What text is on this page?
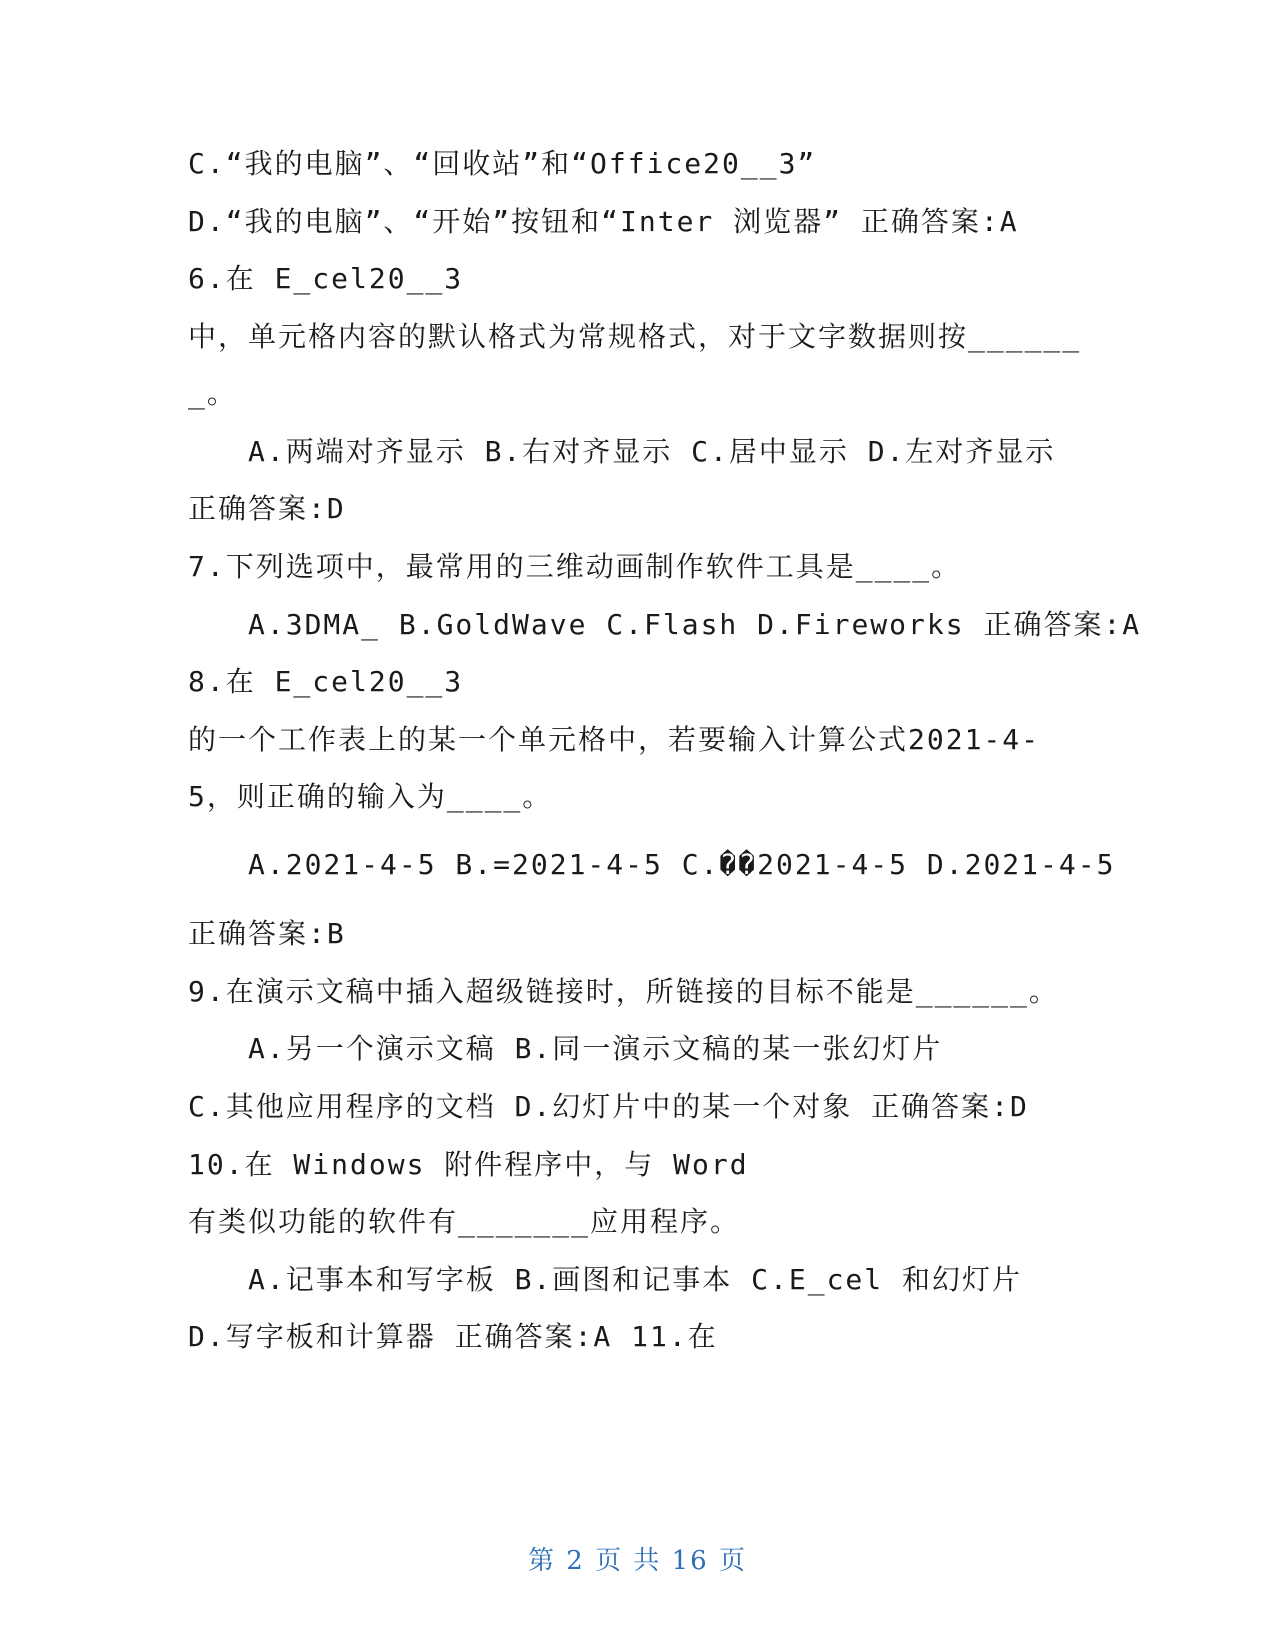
C.“我的电脑”、“回收站”和“Office20__3”
D.“我的电脑”、“开始”按钮和“Inter 浏览器” 正确答案:A
6.在 E_cel20__3
中，单元格内容的默认格式为常规格式，对于文字数据则按______
_。
A.两端对齐显示 B.右对齐显示 C.居中显示 D.左对齐显示
正确答案:D
7.下列选项中，最常用的三维动画制作软件工具是____。
A.3DMA_ B.GoldWave C.Flash D.Fireworks 正确答案:A
8.在 E_cel20__3
的一个工作表上的某一个单元格中，若要输入计算公式2021-4-
5，则正确的输入为____。
A.2021-4-5 B.=2021-4-5 C.��2021-4-5 D.2021-4-5
正确答案:B
9.在演示文稿中插入超级链接时，所链接的目标不能是______。
A.另一个演示文稿 B.同一演示文稿的某一张幻灯片
C.其他应用程序的文档 D.幻灯片中的某一个对象 正确答案:D
10.在 Windows 附件程序中，与 Word
有类似功能的软件有_______应用程序。
A.记事本和写字板 B.画图和记事本 C.E_cel 和幻灯片
D.写字板和计算器 正确答案:A 11.在
第 2 页 共 16 页
